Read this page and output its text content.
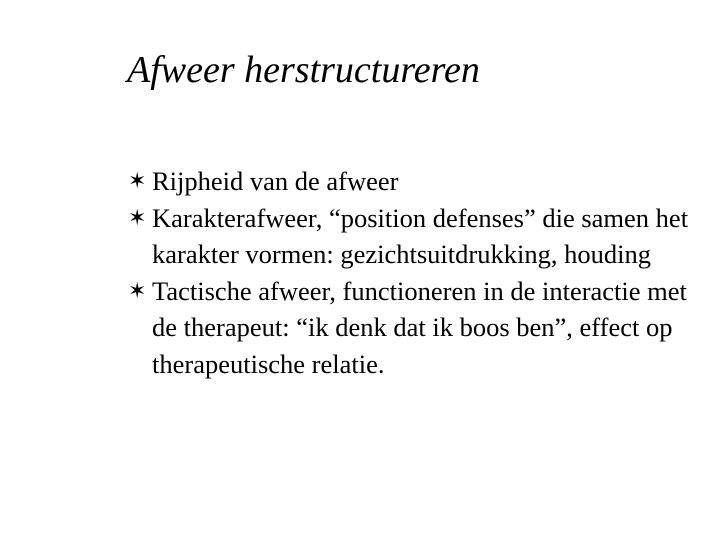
Afweer herstructureren
✶ Rijpheid van de afweer
✶ Karakterafweer, “position defenses” die samen het karakter vormen: gezichtsuitdrukking, houding
✶ Tactische afweer, functioneren in de interactie met de therapeut: “ik denk dat ik boos ben”, effect op therapeutische relatie.
